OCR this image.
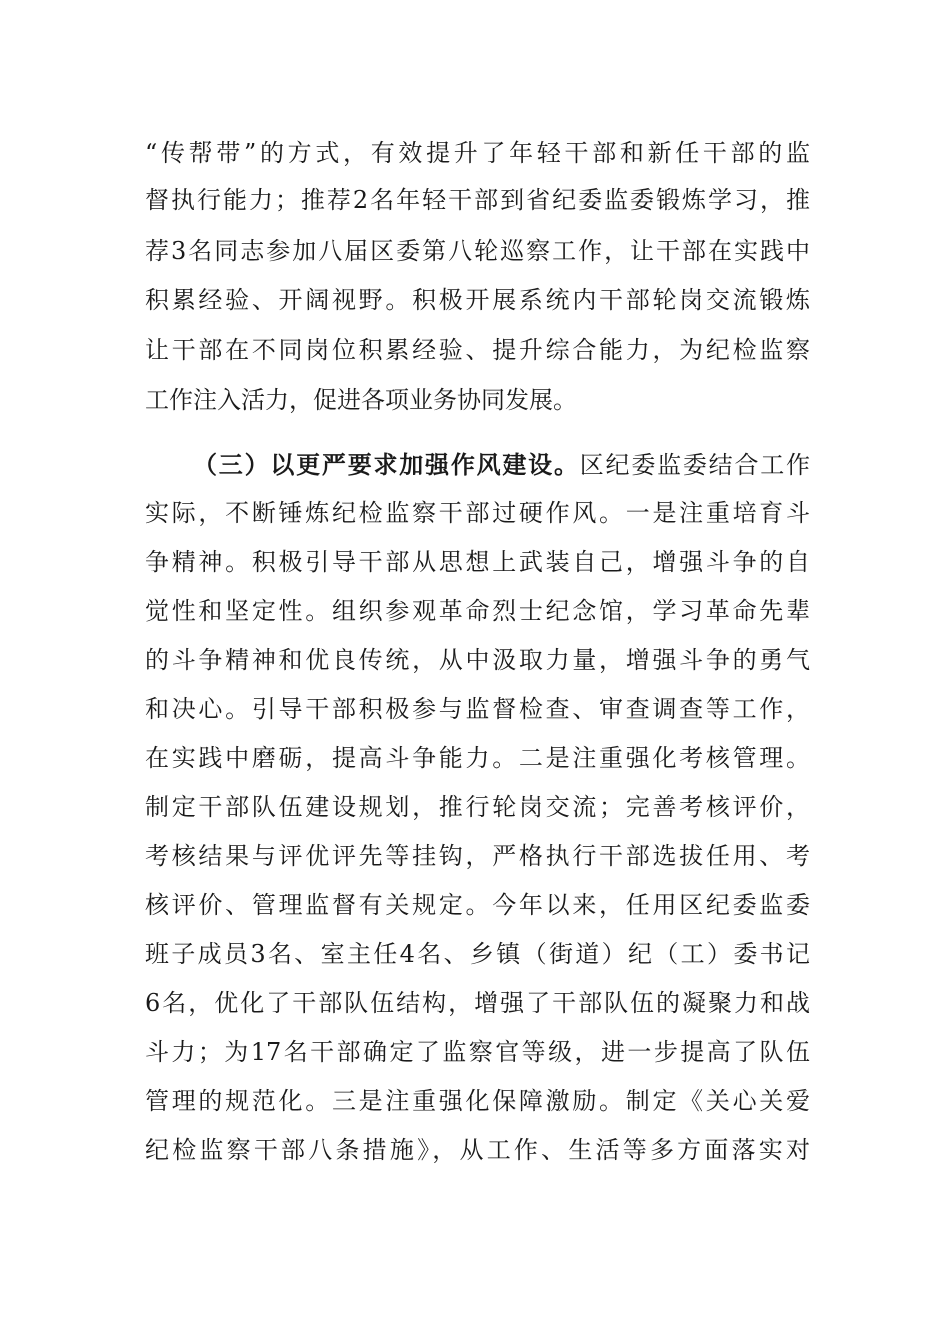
“传帮带”的方式，有效提升了年轻干部和新任干部的监
督执行能力；推荐2名年轻干部到省纪委监委锻炼学习，推
荐3名同志参加八届区委第八轮巡察工作，让干部在实践中
积累经验、开阔视野。积极开展系统内干部轮岗交流锻炼
让干部在不同岗位积累经验、提升综合能力，为纪检监察
工作注入活力，促进各项业务协同发展。
（三）以更严要求加强作风建设。区纪委监委结合工作
实际，不断锤炼纪检监察干部过硬作风。一是注重培育斗
争精神。积极引导干部从思想上武装自己，增强斗争的自
觉性和坚定性。组织参观革命烈士纪念馆，学习革命先辈
的斗争精神和优良传统，从中汲取力量，增强斗争的勇气
和决心。引导干部积极参与监督检查、审查调查等工作，
在实践中磨砺，提高斗争能力。二是注重强化考核管理。
制定干部队伍建设规划，推行轮岗交流；完善考核评价，
考核结果与评优评先等挂钩，严格执行干部选拔任用、考
核评价、管理监督有关规定。今年以来，任用区纪委监委
班子成员3名、室主任4名、乡镇（街道）纪（工）委书记
6名，优化了干部队伍结构，增强了干部队伍的凝聚力和战
斗力；为17名干部确定了监察官等级，进一步提高了队伍
管理的规范化。三是注重强化保障激励。制定《关心关爱
纪检监察干部八条措施》，从工作、生活等多方面落实对
